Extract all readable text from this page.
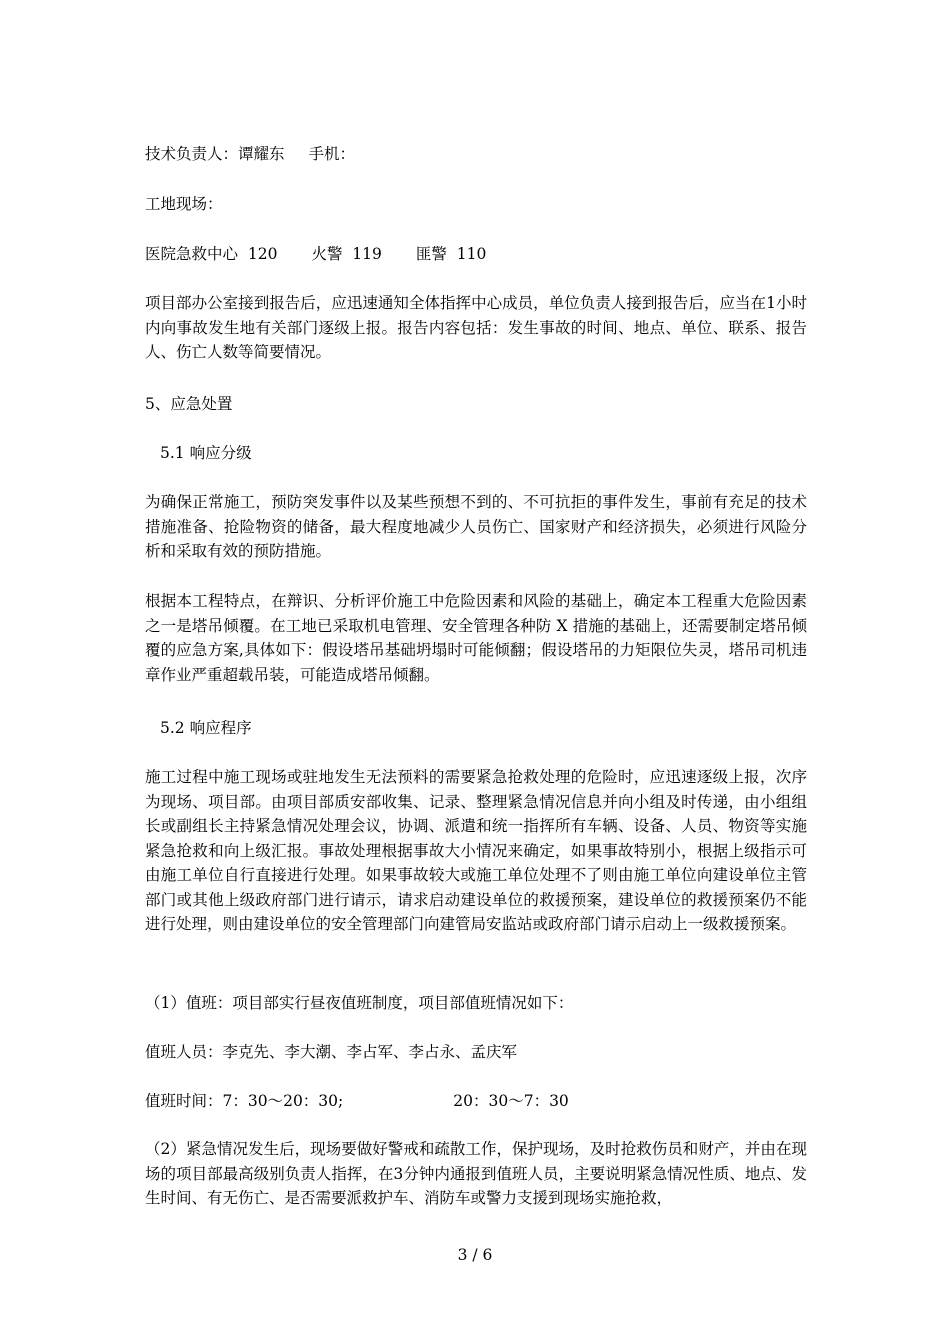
技术负责人：谭耀东 手机：
工地现场：
医院急救中心  120 火警  119 匪警  110
项目部办公室接到报告后，应迅速通知全体指挥中心成员，单位负责人接到报告后，应当在1小时内向事故发生地有关部门逐级上报。报告内容包括：发生事故的时间、地点、单位、联系、报告人、伤亡人数等简要情况。
5、应急处置
5.1 响应分级
为确保正常施工，预防突发事件以及某些预想不到的、不可抗拒的事件发生，事前有充足的技术措施准备、抢险物资的储备，最大程度地减少人员伤亡、国家财产和经济损失，必须进行风险分析和采取有效的预防措施。
根据本工程特点，在辩识、分析评价施工中危险因素和风险的基础上，确定本工程重大危险因素之一是塔吊倾覆。在工地已采取机电管理、安全管理各种防 X 措施的基础上，还需要制定塔吊倾覆的应急方案,具体如下：假设塔吊基础坍塌时可能倾翻；假设塔吊的力矩限位失灵，塔吊司机违章作业严重超载吊装，可能造成塔吊倾翻。
5.2 响应程序
施工过程中施工现场或驻地发生无法预料的需要紧急抢救处理的危险时，应迅速逐级上报，次序为现场、项目部。由项目部质安部收集、记录、整理紧急情况信息并向小组及时传递，由小组组长或副组长主持紧急情况处理会议，协调、派遣和统一指挥所有车辆、设备、人员、物资等实施紧急抢救和向上级汇报。事故处理根据事故大小情况来确定，如果事故特别小，根据上级指示可由施工单位自行直接进行处理。如果事故较大或施工单位处理不了则由施工单位向建设单位主管部门或其他上级政府部门进行请示，请求启动建设单位的救援预案，建设单位的救援预案仍不能进行处理，则由建设单位的安全管理部门向建管局安监站或政府部门请示启动上一级救援预案。
（1）值班：项目部实行昼夜值班制度，项目部值班情况如下：
值班人员：李克先、李大潮、李占军、李占永、孟庆军
值班时间：7：30～20：30;	20：30～7：30
（2）紧急情况发生后，现场要做好警戒和疏散工作，保护现场，及时抢救伤员和财产，并由在现场的项目部最高级别负责人指挥，在3分钟内通报到值班人员，主要说明紧急情况性质、地点、发生时间、有无伤亡、是否需要派救护车、消防车或警力支援到现场实施抢救，
3 / 6
